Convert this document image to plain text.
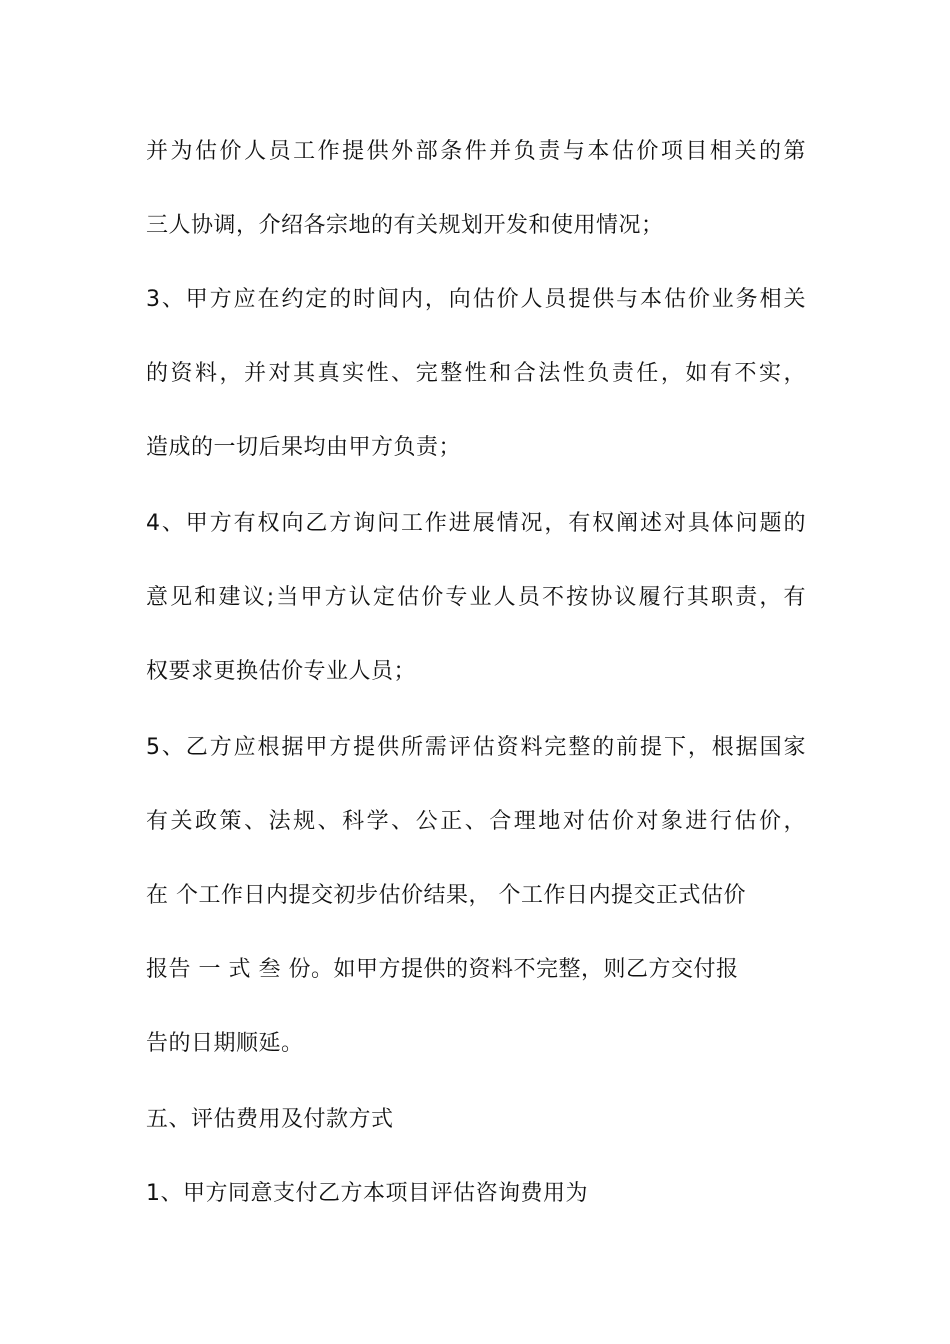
并为估价人员工作提供外部条件并负责与本估价项目相关的第
三人协调，介绍各宗地的有关规划开发和使用情况；
3、甲方应在约定的时间内，向估价人员提供与本估价业务相关
的资料，并对其真实性、完整性和合法性负责任，如有不实，
造成的一切后果均由甲方负责；
4、甲方有权向乙方询问工作进展情况，有权阐述对具体问题的
意见和建议;当甲方认定估价专业人员不按协议履行其职责，有
权要求更换估价专业人员；
5、乙方应根据甲方提供所需评估资料完整的前提下，根据国家
有关政策、法规、科学、公正、合理地对估价对象进行估价，
在 个工作日内提交初步估价结果， 个工作日内提交正式估价
报告 一 式 叁 份。如甲方提供的资料不完整，则乙方交付报
告的日期顺延。
五、评估费用及付款方式
1、甲方同意支付乙方本项目评估咨询费用为
